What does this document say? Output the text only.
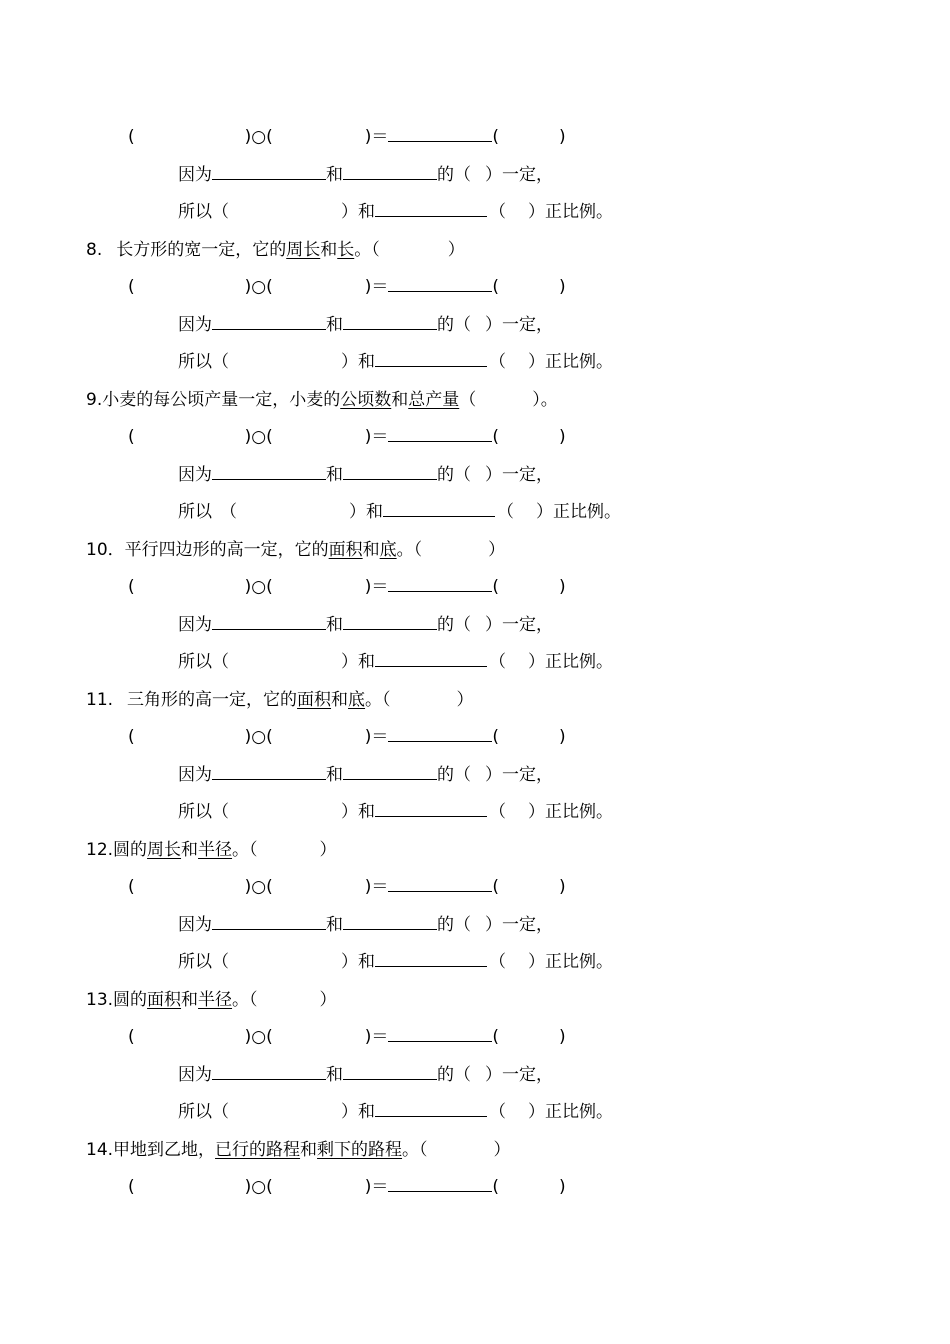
(	)○(	)＝	(	)
因为	和	的（ ）一定，
所以（	）和	（ ）正比例。
8. 长方形的宽一定，它的周长和长。（	）
(	)○(	)＝	(	)
因为	和	的（ ）一定，
所以（	）和	（ ）正比例。
9.小麦的每公顷产量一定，小麦的公顷数和总产量（	）。
(	)○(	)＝	(	)
因为	和	的（ ）一定，
所以 （	）和	（ ）正比例。
10．平行四边形的高一定，它的面积和底。（	）
(	)○(	)＝	(	)
因为	和	的（ ）一定，
所以（	）和	（ ）正比例。
11. 三角形的高一定，它的面积和底。（	）
(	)○(	)＝	(	)
因为	和	的（ ）一定，
所以（	）和	（ ）正比例。
12.圆的周长和半径。（	）
(	)○(	)＝	(	)
因为	和	的（ ）一定，
所以（	）和	（ ）正比例。
13.圆的面积和半径。（	）
(	)○(	)＝	(	)
因为	和	的（ ）一定，
所以（	）和	（ ）正比例。
14.甲地到乙地，已行的路程和剩下的路程。（	）
(	)○(	)＝	(	)
